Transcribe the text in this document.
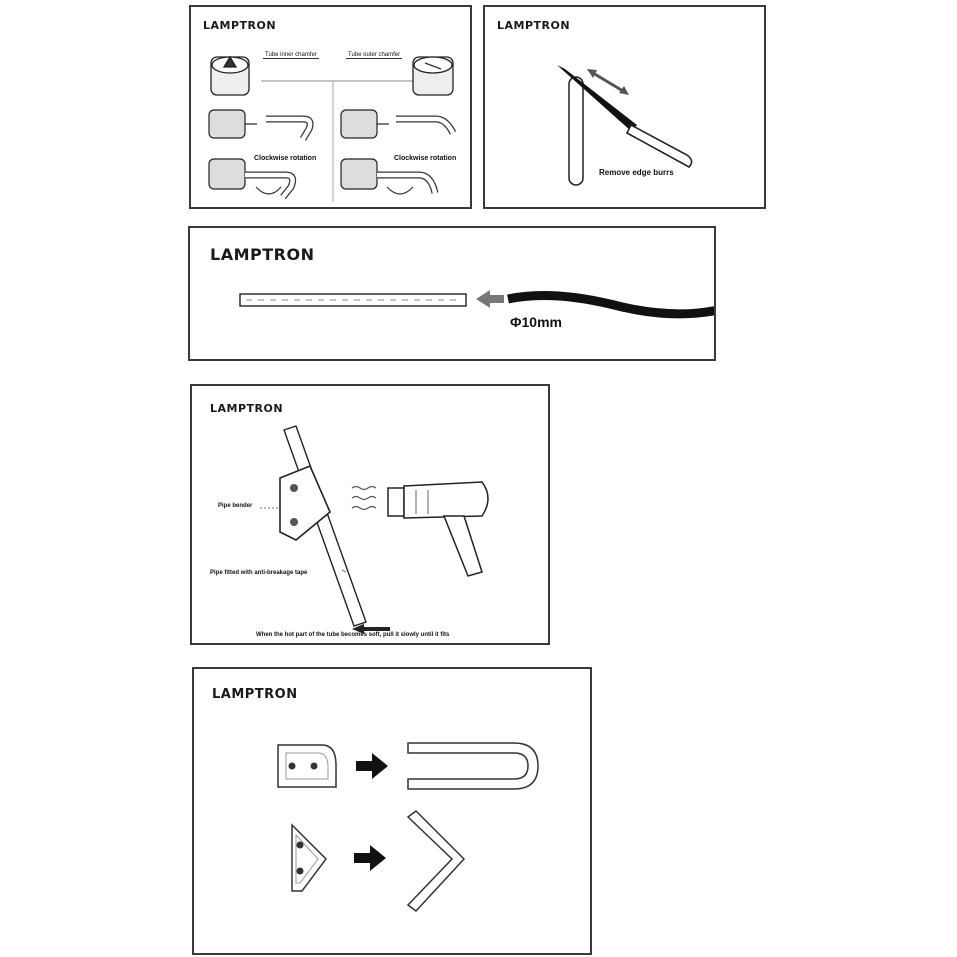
LAMPTRON
Tube inner chamfer	Tube outer chamfer
Clockwise rotation	Clockwise rotation
LAMPTRON
Remove edge burrs
LAMPTRON
Φ10mm
LAMPTRON
Pipe bender
Pipe fitted with anti-breakage tape
When the hot part of the tube becomes soft, pull it slowly until it fits
LAMPTRON
